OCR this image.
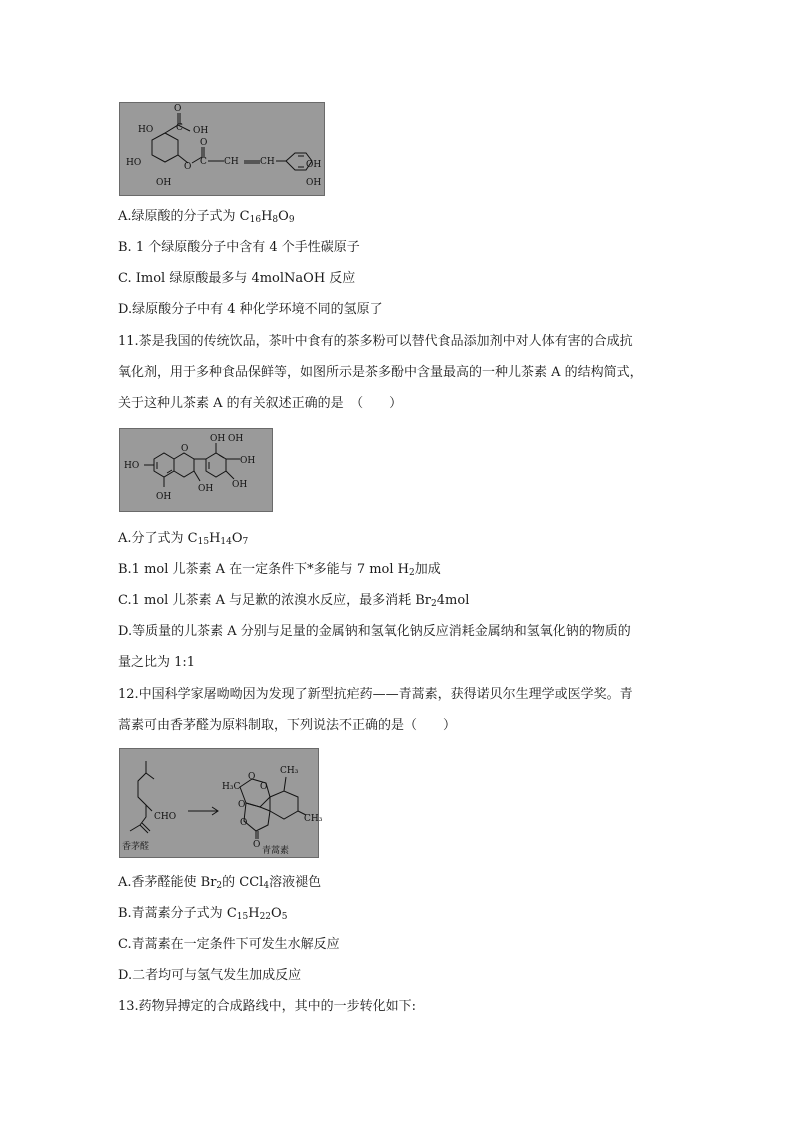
HO
O
C OH
HO	O C CH CH
OH
OH
OH
O
A.绿原酸的分子式为 $C_{16}H_8O_9$
B. 1 个绿原酸分子中含有 4 个手性碳原子
C. Imol 绿原酸最多与 4molNaOH 反应
D.绿原酸分子中有 4 种化学环境不同的氢原了
11.茶是我国的传统饮品，茶叶中食有的茶多粉可以替代食品添加剂中对人体有害的合成抗
氧化剂，用于多种食品保鲜等，如图所示是茶多酚中含量最高的一种儿茶素 A 的结构简式，
关于这种儿茶素 A 的有关叙述正确的是　（　　）
OH
HO
O
OH
OH
OH
OH
OH
A.分了式为 $C_{15}H_{14}O_7$
B.1 mol 儿茶素 A 在一定条件下*多能与 7 mol $H_2$加成
C.1 mol 儿茶素 A 与足歉的浓溴水反应，最多消耗 $Br_24mol$
D.等质量的儿茶素 A 分别与足量的金属钠和氢氧化钠反应消耗金属纳和氢氧化钠的物质的
量之比为 1:1
12.中国科学家屠呦呦因为发现了新型抗疟药——青蒿素，获得诺贝尔生理学或医学奖。青
蒿素可由香茅醛为原料制取，下列说法不正确的是（　　）
CHO
香茅醛
H₃C
CH₃
CH₃
O
O
O
O
O
青蒿素
A.香茅醛能使 $Br_2$的 CCl$_4$溶液褪色
B.青蒿素分子式为 $C_{15}H_{22}O_5$
C.青蒿素在一定条件下可发生水解反应
D.二者均可与氢气发生加成反应
13.药物异搏定的合成路线中，其中的一步转化如下:
